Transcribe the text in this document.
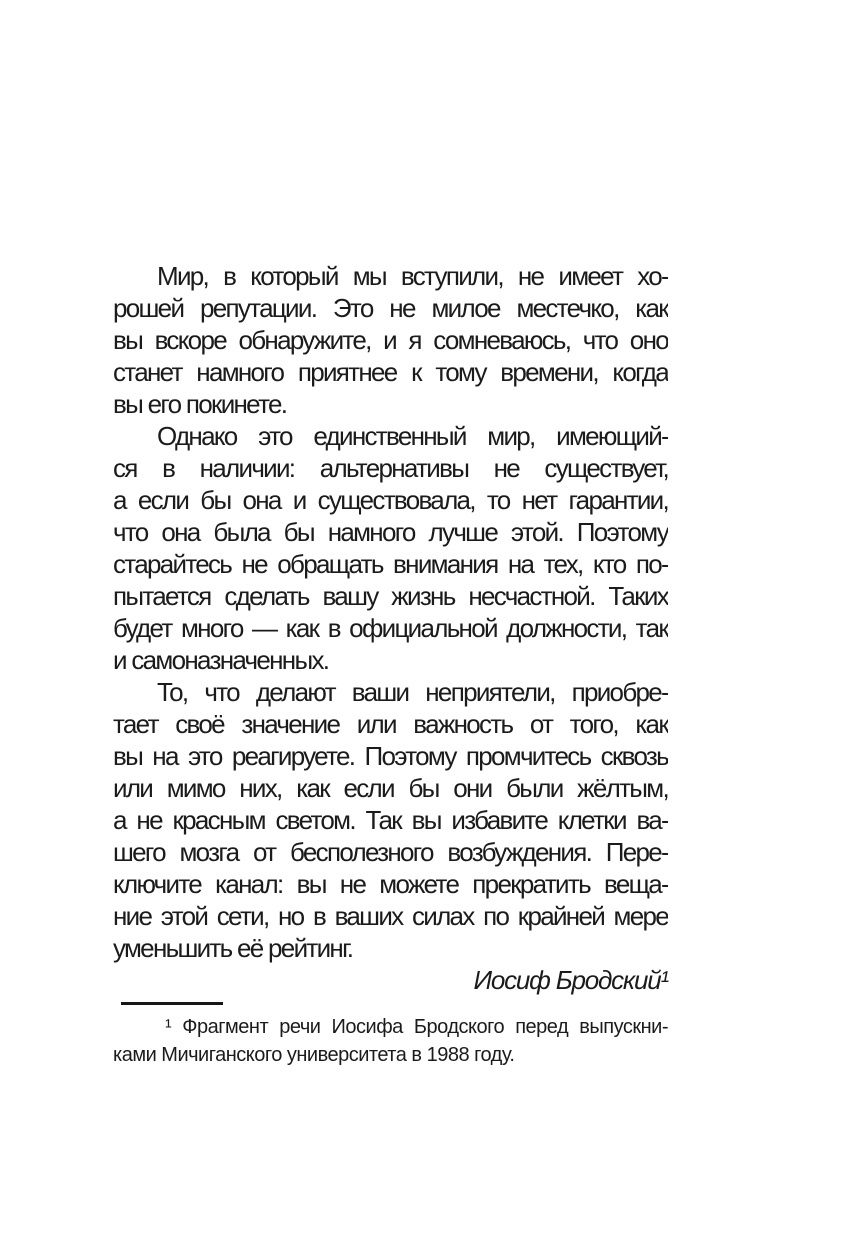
Мир, в который мы вступили, не имеет хо-
рошей репутации. Это не милое местечко, как
вы вскоре обнаружите, и я сомневаюсь, что оно
станет намного приятнее к тому времени, когда
вы его покинете.
Однако это единственный мир, имеющий-
ся в наличии: альтернативы не существует,
а если бы она и существовала, то нет гарантии,
что она была бы намного лучше этой. Поэтому
старайтесь не обращать внимания на тех, кто по-
пытается сделать вашу жизнь несчастной. Таких
будет много — как в официальной должности, так
и самоназначенных.
То, что делают ваши неприятели, приобре-
тает своё значение или важность от того, как
вы на это реагируете. Поэтому промчитесь сквозь
или мимо них, как если бы они были жёлтым,
а не красным светом. Так вы избавите клетки ва-
шего мозга от бесполезного возбуждения. Пере-
ключите канал: вы не можете прекратить веща-
ние этой сети, но в ваших силах по крайней мере
уменьшить её рейтинг.
Иосиф Бродский¹
¹ Фрагмент речи Иосифа Бродского перед выпускни-
ками Мичиганского университета в 1988 году.
